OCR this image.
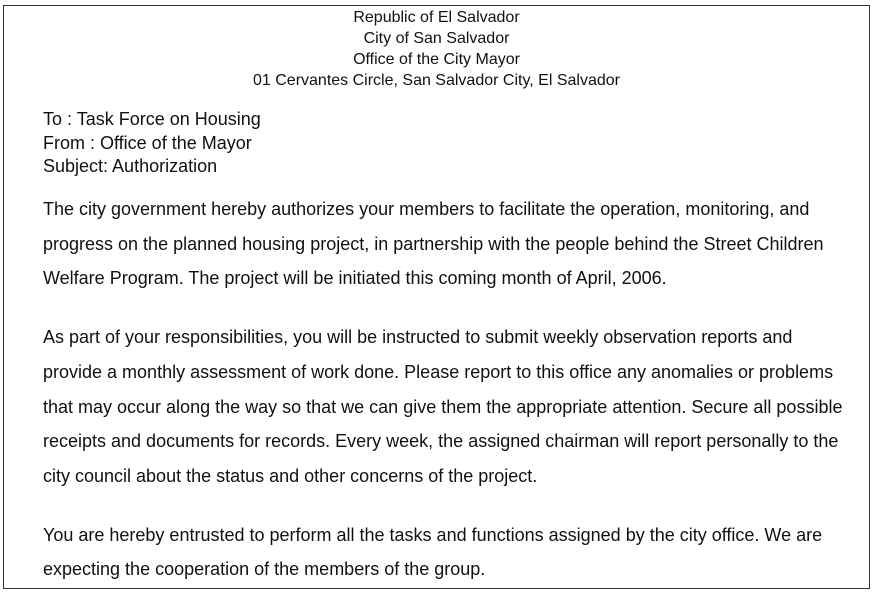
Republic of El Salvador
City of San Salvador
Office of the City Mayor
01 Cervantes Circle, San Salvador City, El Salvador
To : Task Force on Housing
From : Office of the Mayor
Subject: Authorization

The city government hereby authorizes your members to facilitate the operation, monitoring, and progress on the planned housing project, in partnership with the people behind the Street Children Welfare Program. The project will be initiated this coming month of April, 2006.

As part of your responsibilities, you will be instructed to submit weekly observation reports and provide a monthly assessment of work done. Please report to this office any anomalies or problems that may occur along the way so that we can give them the appropriate attention. Secure all possible receipts and documents for records. Every week, the assigned chairman will report personally to the city council about the status and other concerns of the project.

You are hereby entrusted to perform all the tasks and functions assigned by the city office. We are expecting the cooperation of the members of the group.
